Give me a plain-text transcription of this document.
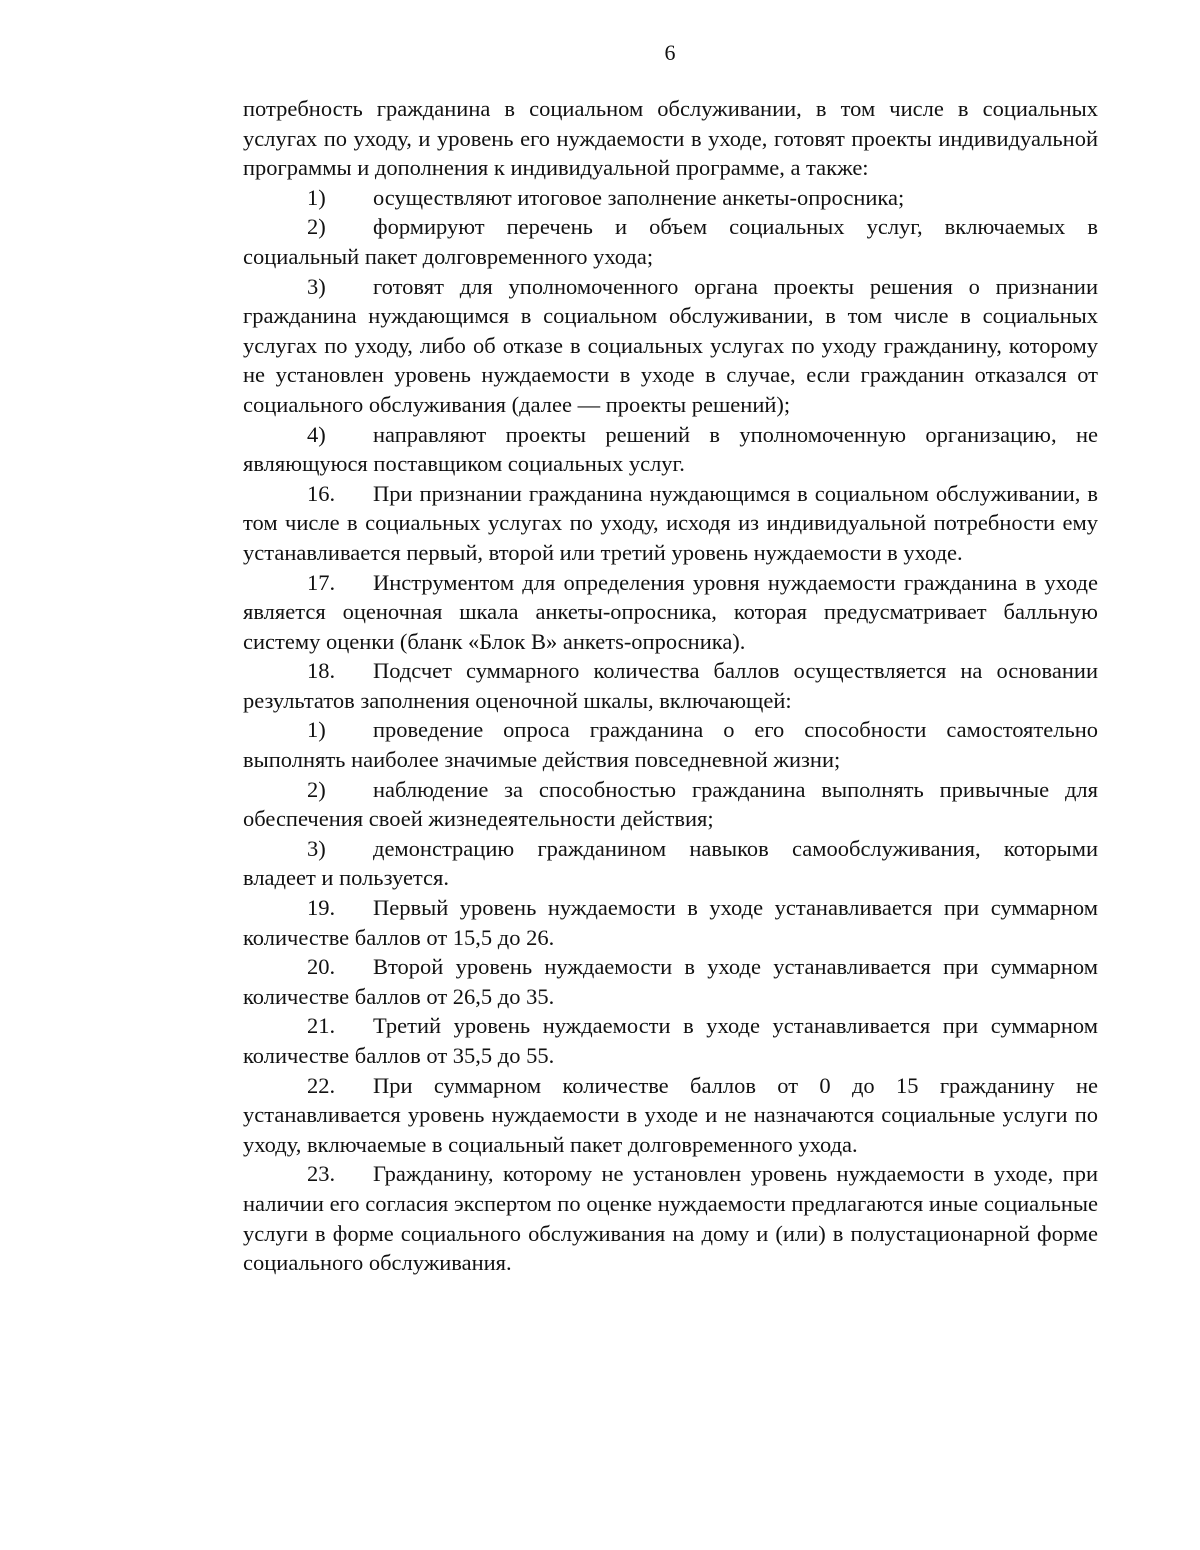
6

потребность гражданина в социальном обслуживании, в том числе в социальных услугах по уходу, и уровень его нуждаемости в уходе, готовят проекты индивидуальной программы и дополнения к индивидуальной программе, а также:

1) осуществляют итоговое заполнение анкеты-опросника;

2) формируют перечень и объем социальных услуг, включаемых в социальный пакет долговременного ухода;

3) готовят для уполномоченного органа проекты решения о признании гражданина нуждающимся в социальном обслуживании, в том числе в социальных услугах по уходу, либо об отказе в социальных услугах по уходу гражданину, которому не установлен уровень нуждаемости в уходе в случае, если гражданин отказался от социального обслуживания (далее — проекты решений);

4) направляют проекты решений в уполномоченную организацию, не являющуюся поставщиком социальных услуг.

16. При признании гражданина нуждающимся в социальном обслуживании, в том числе в социальных услугах по уходу, исходя из индивидуальной потребности ему устанавливается первый, второй или третий уровень нуждаемости в уходе.

17. Инструментом для определения уровня нуждаемости гражданина в уходе является оценочная шкала анкеты-опросника, которая предусматривает балльную систему оценки (бланк «Блок В» анкетs-опросника).

18. Подсчет суммарного количества баллов осуществляется на основании результатов заполнения оценочной шкалы, включающей:

1) проведение опроса гражданина о его способности самостоятельно выполнять наиболее значимые действия повседневной жизни;

2) наблюдение за способностью гражданина выполнять привычные для обеспечения своей жизнедеятельности действия;

3) демонстрацию гражданином навыков самообслуживания, которыми владеет и пользуется.

19. Первый уровень нуждаемости в уходе устанавливается при суммарном количестве баллов от 15,5 до 26.

20. Второй уровень нуждаемости в уходе устанавливается при суммарном количестве баллов от 26,5 до 35.

21. Третий уровень нуждаемости в уходе устанавливается при суммарном количестве баллов от 35,5 до 55.

22. При суммарном количестве баллов от 0 до 15 гражданину не устанавливается уровень нуждаемости в уходе и не назначаются социальные услуги по уходу, включаемые в социальный пакет долговременного ухода.

23. Гражданину, которому не установлен уровень нуждаемости в уходе, при наличии его согласия экспертом по оценке нуждаемости предлагаются иные социальные услуги в форме социального обслуживания на дому и (или) в полустационарной форме социального обслуживания.
